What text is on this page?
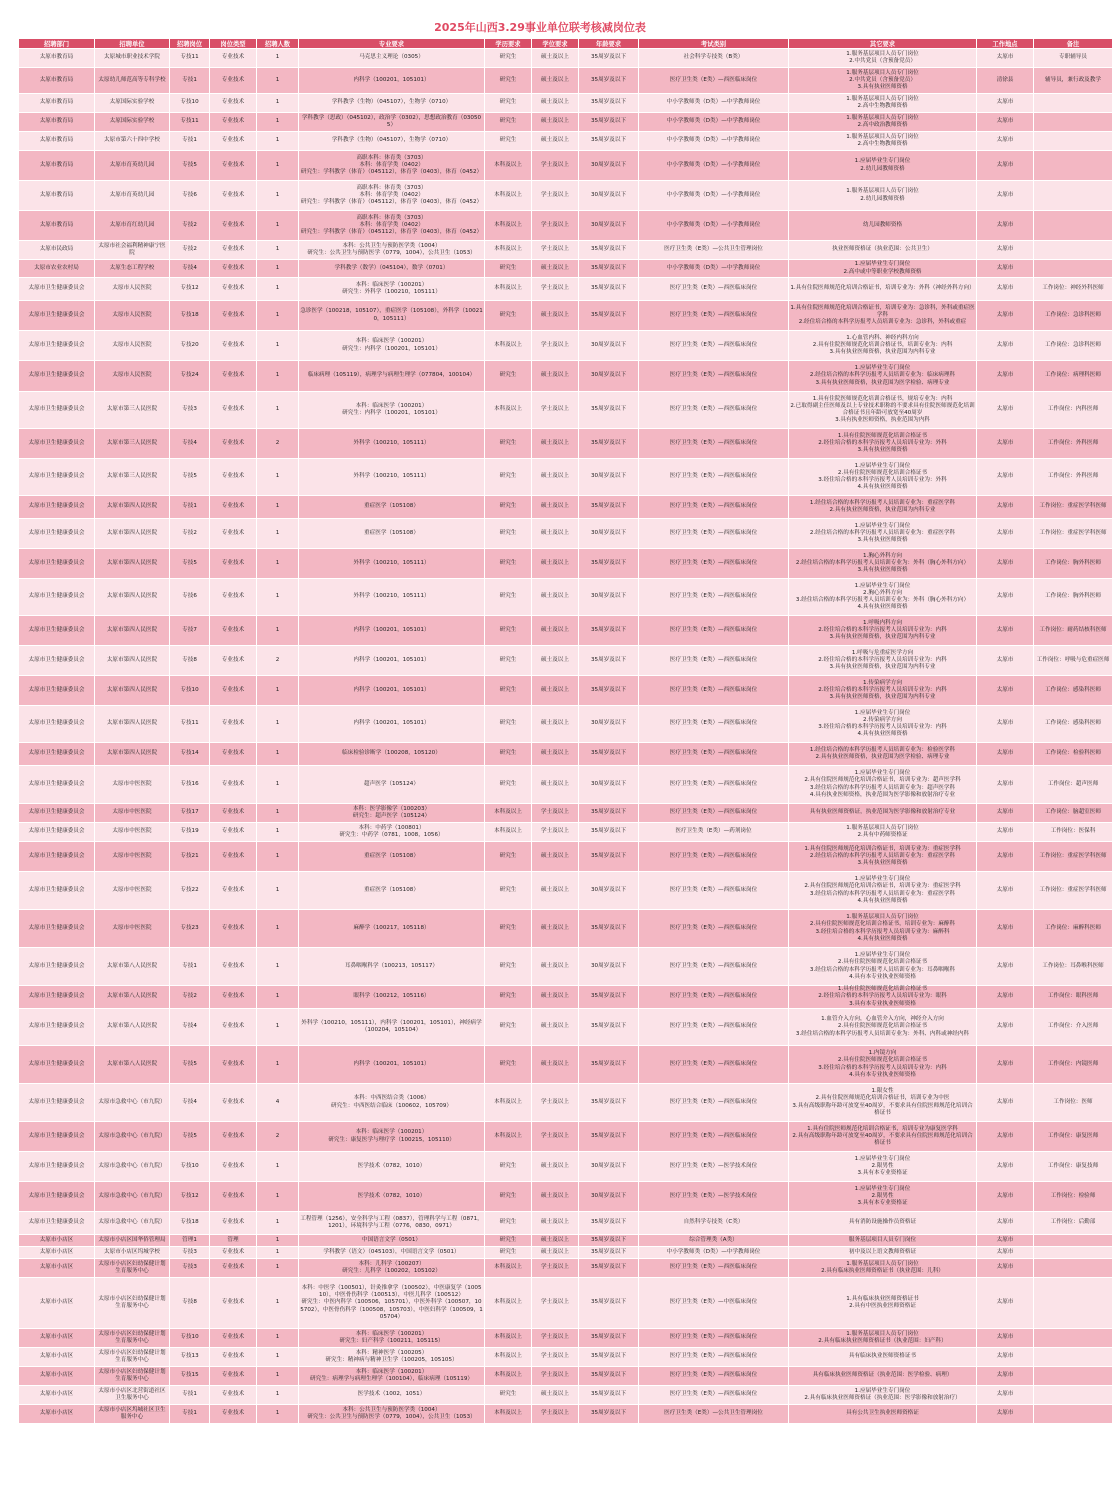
2025年山西3.29事业单位联考核减岗位表
招聘部门	招聘单位	招聘岗位	岗位类型	招聘人数	专业要求	学历要求	学位要求	年龄要求	考试类别	其它要求	工作地点	备注

太原市教育局	太原城市职业技术学院	专技11	专业技术	1	马克思主义理论（0305）	研究生	硕士及以上	35周岁及以下	社会科学专技类（B类）	1.服务基层项目人员专门岗位
2.中共党员（含预备党员）	太原市	专职辅导员

太原市教育局	太原幼儿师范高等专科学校	专技1	专业技术	1	内科学（100201，105101）	研究生	硕士及以上	35周岁及以下	医疗卫生类（E类）—西医临床岗位	1.服务基层项目人员专门岗位
2.中共党员（含预备党员）
3.具有执业医师资格	清徐县	辅导员，兼行政及教学

太原市教育局	太原国际实验学校	专技10	专业技术	1	学科教学（生物）（045107），生物学（0710）	研究生	硕士及以上	35周岁及以下	中小学教师类（D类）—中学教师岗位	1.服务基层项目人员专门岗位
2.高中生物教师资格	太原市	

太原市教育局	太原国际实验学校	专技11	专业技术	1	学科教学（思政）（045102），政治学（0302），思想政治教育（030505）	研究生	硕士及以上	35周岁及以下	中小学教师类（D类）—中学教师岗位	1.服务基层项目人员专门岗位
2.高中政治教师资格	太原市	

太原市教育局	太原市第六十四中学校	专技1	专业技术	1	学科教学（生物）（045107），生物学（0710）	研究生	硕士及以上	35周岁及以下	中小学教师类（D类）—中学教师岗位	1.服务基层项目人员专门岗位
2.高中生物教师资格	太原市	

太原市教育局	太原市育英幼儿园	专技5	专业技术	1	高职本科：体育类（3703）
本科：体育学类（0402）
研究生：学科教学（体育）（045112），体育学（0403），体育（0452）	本科及以上	学士及以上	30周岁及以下	中小学教师类（D类）—小学教师岗位	1.应届毕业生专门岗位
2.幼儿园教师资格	太原市	

太原市教育局	太原市育英幼儿园	专技6	专业技术	1	高职本科：体育类（3703）
本科：体育学类（0402）
研究生：学科教学（体育）（045112），体育学（0403），体育（0452）	本科及以上	学士及以上	30周岁及以下	中小学教师类（D类）—小学教师岗位	1.服务基层项目人员专门岗位
2.幼儿园教师资格	太原市	

太原市教育局	太原市育红幼儿园	专技2	专业技术	1	高职本科：体育类（3703）
本科：体育学类（0402）
研究生：学科教学（体育）（045112），体育学（0403），体育（0452）	本科及以上	学士及以上	30周岁及以下	中小学教师类（D类）—小学教师岗位	幼儿园教师资格	太原市	

太原市民政局	太原市社会福利精神康宁医院	专技2	专业技术	1	本科：公共卫生与预防医学类（1004）
研究生：公共卫生与预防医学（0779，1004），公共卫生（1053）	本科及以上	学士及以上	35周岁及以下	医疗卫生类（E类）—公共卫生管理岗位	执业医师资格证（执业范围：公共卫生）	太原市	

太原市农业农村局	太原生态工程学校	专技4	专业技术	1	学科教学（数学）（045104），数学（0701）	研究生	硕士及以上	35周岁及以下	中小学教师类（D类）—中学教师岗位	1.应届毕业生专门岗位
2.高中或中等职业学校教师资格	太原市	

太原市卫生健康委员会	太原市人民医院	专技12	专业技术	1	本科：临床医学（100201）
研究生：外科学（100210，105111）	本科及以上	学士及以上	35周岁及以下	医疗卫生类（E类）—西医临床岗位	1.具有住院医师规范化培训合格证书，培训专业为：外科（神经外科方向）	太原市	工作岗位：神经外科医师

太原市卫生健康委员会	太原市人民医院	专技18	专业技术	1	急诊医学（100218，105107），重症医学（105108），外科学（100210，105111）	研究生	硕士及以上	35周岁及以下	医疗卫生类（E类）—西医临床岗位	1.具有住院医师规范化培训合格证书，培训专业为：急诊科，外科或重症医学科
2.经住培合格的本科学历报考人员培训专业为：急诊科，外科或重症	太原市	工作岗位：急诊科医师

太原市卫生健康委员会	太原市人民医院	专技20	专业技术	1	本科：临床医学（100201）
研究生：内科学（100201，105101）	本科及以上	学士及以上	30周岁及以下	医疗卫生类（E类）—西医临床岗位	1.心血管内科、神经内科方向
2.具有住院医师规范化培训合格证书，培训专业为：内科
3.具有执业医师资格，执业范围为内科专业	太原市	工作岗位：急诊科医师

太原市卫生健康委员会	太原市人民医院	专技24	专业技术	1	临床病理（105119），病理学与病理生理学（077804，100104）	研究生	硕士及以上	30周岁及以下	医疗卫生类（E类）—西医临床岗位	1.应届毕业生专门岗位
2.经住培合格的本科学历报考人员培训专业为：临床病理科
3.具有执业医师资格，执业范围为医学检验、病理专业	太原市	工作岗位：病理科医师

太原市卫生健康委员会	太原市第三人民医院	专技3	专业技术	1	本科：临床医学（100201）
研究生：内科学（100201，105101）	本科及以上	学士及以上	35周岁及以下	医疗卫生类（E类）—西医临床岗位	1.具有住院医师规范化培训合格证书，规培专业为：内科
2.已取得副主任医师及以上专业技术职称的不要求具有住院医师规范化培训合格证书且年龄可放宽至40周岁
3.具有执业医师资格，执业范围为内科	太原市	工作岗位：内科医师

太原市卫生健康委员会	太原市第三人民医院	专技4	专业技术	2	外科学（100210，105111）	研究生	硕士及以上	35周岁及以下	医疗卫生类（E类）—西医临床岗位	1.具有住院医师规范化培训合格证书
2.经住培合格的本科学历报考人员培训专业为：外科
3.具有执业医师资格	太原市	工作岗位：外科医师

太原市卫生健康委员会	太原市第三人民医院	专技5	专业技术	1	外科学（100210，105111）	研究生	硕士及以上	30周岁及以下	医疗卫生类（E类）—西医临床岗位	1.应届毕业生专门岗位
2.具有住院医师规范化培训合格证书
3.经住培合格的本科学历报考人员培训专业为：外科
4.具有执业医师资格	太原市	工作岗位：外科医师

太原市卫生健康委员会	太原市第四人民医院	专技1	专业技术	1	重症医学（105108）	研究生	硕士及以上	35周岁及以下	医疗卫生类（E类）—西医临床岗位	1.经住培合格的本科学历报考人员培训专业为：重症医学科
2.具有执业医师资格，执业范围为内科专业	太原市	工作岗位：重症医学科医师

太原市卫生健康委员会	太原市第四人民医院	专技2	专业技术	1	重症医学（105108）	研究生	硕士及以上	30周岁及以下	医疗卫生类（E类）—西医临床岗位	1.应届毕业生专门岗位
2.经住培合格的本科学历报考人员培训专业为：重症医学科
3.具有执业医师资格	太原市	工作岗位：重症医学科医师

太原市卫生健康委员会	太原市第四人民医院	专技5	专业技术	1	外科学（100210，105111）	研究生	硕士及以上	35周岁及以下	医疗卫生类（E类）—西医临床岗位	1.胸心外科方向
2.经住培合格的本科学历报考人员培训专业为：外科（胸心外科方向）
3.具有执业医师资格	太原市	工作岗位：胸外科医师

太原市卫生健康委员会	太原市第四人民医院	专技6	专业技术	1	外科学（100210，105111）	研究生	硕士及以上	30周岁及以下	医疗卫生类（E类）—西医临床岗位	1.应届毕业生专门岗位
2.胸心外科方向
3.经住培合格的本科学历报考人员培训专业为：外科（胸心外科方向）
4.具有执业医师资格	太原市	工作岗位：胸外科医师

太原市卫生健康委员会	太原市第四人民医院	专技7	专业技术	1	内科学（100201，105101）	研究生	硕士及以上	35周岁及以下	医疗卫生类（E类）—西医临床岗位	1.呼吸内科方向
2.经住培合格的本科学历报考人员培训专业为：内科
3.具有执业医师资格，执业范围为内科专业	太原市	工作岗位：耐药结核科医师

太原市卫生健康委员会	太原市第四人民医院	专技8	专业技术	2	内科学（100201，105101）	研究生	硕士及以上	35周岁及以下	医疗卫生类（E类）—西医临床岗位	1.呼吸与危重症医学方向
2.经住培合格的本科学历报考人员培训专业为：内科
3.具有执业医师资格，执业范围为内科专业	太原市	工作岗位：呼吸与危重症医师

太原市卫生健康委员会	太原市第四人民医院	专技10	专业技术	1	内科学（100201，105101）	研究生	硕士及以上	35周岁及以下	医疗卫生类（E类）—西医临床岗位	1.传染病学方向
2.经住培合格的本科学历报考人员培训专业为：内科
3.具有执业医师资格，执业范围为内科专业	太原市	工作岗位：感染科医师

太原市卫生健康委员会	太原市第四人民医院	专技11	专业技术	1	内科学（100201，105101）	研究生	硕士及以上	30周岁及以下	医疗卫生类（E类）—西医临床岗位	1.应届毕业生专门岗位
2.传染病学方向
3.经住培合格的本科学历报考人员培训专业为：内科
4.具有执业医师资格	太原市	工作岗位：感染科医师

太原市卫生健康委员会	太原市第四人民医院	专技14	专业技术	1	临床检验诊断学（100208，105120）	研究生	硕士及以上	35周岁及以下	医疗卫生类（E类）—西医临床岗位	1.经住培合格的本科学历报考人员培训专业为：检验医学科
2.具有执业医师资格，执业范围为医学检验、病理专业	太原市	工作岗位：检验科医师

太原市卫生健康委员会	太原市中医医院	专技16	专业技术	1	超声医学（105124）	研究生	硕士及以上	30周岁及以下	医疗卫生类（E类）—西医临床岗位	1.应届毕业生专门岗位
2.具有住院医师规范化培训合格证书，培训专业为：超声医学科
3.经住培合格的本科学历报考人员培训专业为：超声医学科
4.具有执业医师资格，执业范围为医学影像和放射治疗专业	太原市	工作岗位：超声医师

太原市卫生健康委员会	太原市中医医院	专技17	专业技术	1	本科：医学影像学（100203）
研究生：超声医学（105124）	本科及以上	学士及以上	35周岁及以下	医疗卫生类（E类）—西医临床岗位	具有执业医师资格证，执业范围为医学影像和放射治疗专业	太原市	工作岗位：脑超室医师

太原市卫生健康委员会	太原市中医医院	专技19	专业技术	1	本科：中药学（100801）
研究生：中药学（0781，1008，1056）	本科及以上	学士及以上	35周岁及以下	医疗卫生类（E类）—药剂岗位	1.服务基层项目人员专门岗位
2.具有中药师资格证	太原市	工作岗位：医保科

太原市卫生健康委员会	太原市中医医院	专技21	专业技术	1	重症医学（105108）	研究生	硕士及以上	35周岁及以下	医疗卫生类（E类）—西医临床岗位	1.具有住院医师规范化培训合格证书，培训专业为：重症医学科
2.经住培合格的本科学历报考人员培训专业为：重症医学科
3.具有执业医师资格	太原市	工作岗位：重症医学科医师

太原市卫生健康委员会	太原市中医医院	专技22	专业技术	1	重症医学（105108）	研究生	硕士及以上	30周岁及以下	医疗卫生类（E类）—西医临床岗位	1.应届毕业生专门岗位
2.具有住院医师规范化培训合格证书，培训专业为：重症医学科
3.经住培合格的本科学历报考人员培训专业为：重症医学科
4.具有执业医师资格	太原市	工作岗位：重症医学科医师

太原市卫生健康委员会	太原市中医医院	专技23	专业技术	1	麻醉学（100217，105118）	研究生	硕士及以上	35周岁及以下	医疗卫生类（E类）—西医临床岗位	1.服务基层项目人员专门岗位
2.具有住院医师规范化培训合格证书，培训专业为：麻醉科
3.经住培合格的本科学历报考人员培训专业为：麻醉科
4.具有执业医师资格	太原市	工作岗位：麻醉科医师

太原市卫生健康委员会	太原市第八人民医院	专技1	专业技术	1	耳鼻咽喉科学（100213，105117）	研究生	硕士及以上	30周岁及以下	医疗卫生类（E类）—西医临床岗位	1.应届毕业生专门岗位
2.具有住院医师规范化培训合格证书
3.经住培合格的本科学历报考人员培训专业为：耳鼻咽喉科
4.具有本专业执业医师资格	太原市	工作岗位：耳鼻喉科医师

太原市卫生健康委员会	太原市第八人民医院	专技2	专业技术	1	眼科学（100212，105116）	研究生	硕士及以上	35周岁及以下	医疗卫生类（E类）—西医临床岗位	1.具有住院医师规范化培训合格证书
2.经住培合格的本科学历报考人员培训专业为：眼科
3.具有本专业执业医师资格	太原市	工作岗位：眼科医师

太原市卫生健康委员会	太原市第八人民医院	专技4	专业技术	1	外科学（100210，105111），内科学（100201，105101），神经病学（100204，105104）	研究生	硕士及以上	35周岁及以下	医疗卫生类（E类）—西医临床岗位	1.血管介入方向，心血管介入方向，神经介入方向
2.具有住院医师规范化培训合格证书
3.经住培合格的本科学历报考人员培训专业为：外科、内科或神经内科	太原市	工作岗位：介入医师

太原市卫生健康委员会	太原市第八人民医院	专技5	专业技术	1	内科学（100201，105101）	研究生	硕士及以上	35周岁及以下	医疗卫生类（E类）—西医临床岗位	1.内镜方向
2.具有住院医师规范化培训合格证书
3.经住培合格的本科学历报考人员培训专业为：内科
4.具有本专业执业医师资格	太原市	工作岗位：内镜医师

太原市卫生健康委员会	太原市急救中心（市九院）	专技4	专业技术	4	本科：中西医结合类（1006）
研究生：中西医结合临床（100602，105709）	本科及以上	学士及以上	35周岁及以下	医疗卫生类（E类）—西医临床岗位	1.限女性
2.具有住院医师规范化培训合格证书，培训专业为中医
3.具有高级职称年龄可放宽至40周岁，不要求具有住院医师规范化培训合格证书	太原市	工作岗位：医师

太原市卫生健康委员会	太原市急救中心（市九院）	专技5	专业技术	2	本科：临床医学（100201）
研究生：康复医学与理疗学（100215，105110）	本科及以上	学士及以上	35周岁及以下	医疗卫生类（E类）—西医临床岗位	1.具有住院医师规范化培训合格证书，培训专业为康复医学科
2.具有高级职称年龄可放宽至40周岁，不要求具有住院医师规范化培训合格证书	太原市	工作岗位：康复医师

太原市卫生健康委员会	太原市急救中心（市九院）	专技10	专业技术	1	医学技术（0782，1010）	研究生	硕士及以上	30周岁及以下	医疗卫生类（E类）—医学技术岗位	1.应届毕业生专门岗位
2.限男性
3.具有本专业资格证	太原市	工作岗位：康复技师

太原市卫生健康委员会	太原市急救中心（市九院）	专技12	专业技术	1	医学技术（0782，1010）	研究生	硕士及以上	30周岁及以下	医疗卫生类（E类）—医学技术岗位	1.应届毕业生专门岗位
2.限男性
3.具有本专业资格证	太原市	工作岗位：检验师

太原市卫生健康委员会	太原市急救中心（市九院）	专技18	专业技术	1	工程管理（1256），安全科学与工程（0837），管理科学与工程（0871，1201），环境科学与工程（0776，0830，0971）	研究生	硕士及以上	35周岁及以下	自然科学专技类（C类）	具有消防设施操作员资格证	太原市	工作岗位：后勤部

太原市小店区	太原市小店区国华侨管理局	管理1	管理	1	中国语言文学（0501）	研究生	硕士及以上	35周岁及以下	综合管理类（A类）	服务基层项目人员专门岗位	太原市	

太原市小店区	太原市小店区坞城学校	专技3	专业技术	1	学科教学（语文）（045103），中国语言文学（0501）	研究生	硕士及以上	35周岁及以下	中小学教师类（D类）—中学教师岗位	初中及以上语文教师资格证	太原市	

太原市小店区	太原市小店区妇幼保健计划生育服务中心	专技3	专业技术	1	本科：儿科学（100207）
研究生：儿科学（100202，105102）	本科及以上	学士及以上	35周岁及以下	医疗卫生类（E类）—西医临床岗位	1.服务基层项目人员专门岗位
2.具有临床执业医师资格证书（执业范围：儿科）	太原市	

太原市小店区	太原市小店区妇幼保健计划生育服务中心	专技8	专业技术	1	本科：中医学（100501），针灸推拿学（100502），中医康复学（100510），中医骨伤科学（100513），中医儿科学（100512）
研究生：中医内科学（100506，105701），中医外科学（100507，105702），中医骨伤科学（100508，105703），中医妇科学（100509，105704）	本科及以上	学士及以上	35周岁及以下	医疗卫生类（E类）—中医临床岗位	1.具有临床执业医师资格证书
2.具有中医执业医师资格证	太原市	

太原市小店区	太原市小店区妇幼保健计划生育服务中心	专技10	专业技术	1	本科：临床医学（100201）
研究生：妇产科学（100211，105115）	本科及以上	学士及以上	35周岁及以下	医疗卫生类（E类）—西医临床岗位	1.服务基层项目人员专门岗位
2.具有临床执业医师资格证书（执业范围：妇产科）	太原市	

太原市小店区	太原市小店区妇幼保健计划生育服务中心	专技13	专业技术	1	本科：精神医学（100205）
研究生：精神病与精神卫生学（100205，105105）	本科及以上	学士及以上	35周岁及以下	医疗卫生类（E类）—西医临床岗位	具有临床执业医师资格证书	太原市	

太原市小店区	太原市小店区妇幼保健计划生育服务中心	专技15	专业技术	1	本科：临床医学（100201）
研究生：病理学与病理生理学（100104），临床病理（105119）	本科及以上	学士及以上	35周岁及以下	医疗卫生类（E类）—西医临床岗位	具有临床执业医师资格证（执业范围：医学检验、病理）	太原市	

太原市小店区	太原市小店区北营街道社区卫生服务中心	专技1	专业技术	1	医学技术（1002，1051）	研究生	硕士及以上	35周岁及以下	医疗卫生类（E类）—西医临床岗位	1.应届毕业生专门岗位
2.具有临床执业医师资格证（执业范围：医学影像和放射治疗）	太原市	

太原市小店区	太原市小店区坞城社区卫生服务中心	专技1	专业技术	1	本科：公共卫生与预防医学类（1004）
研究生：公共卫生与预防医学（0779，1004），公共卫生（1053）	本科及以上	学士及以上	35周岁及以下	医疗卫生类（E类）—公共卫生管理岗位	具有公共卫生执业医师资格证	太原市	
